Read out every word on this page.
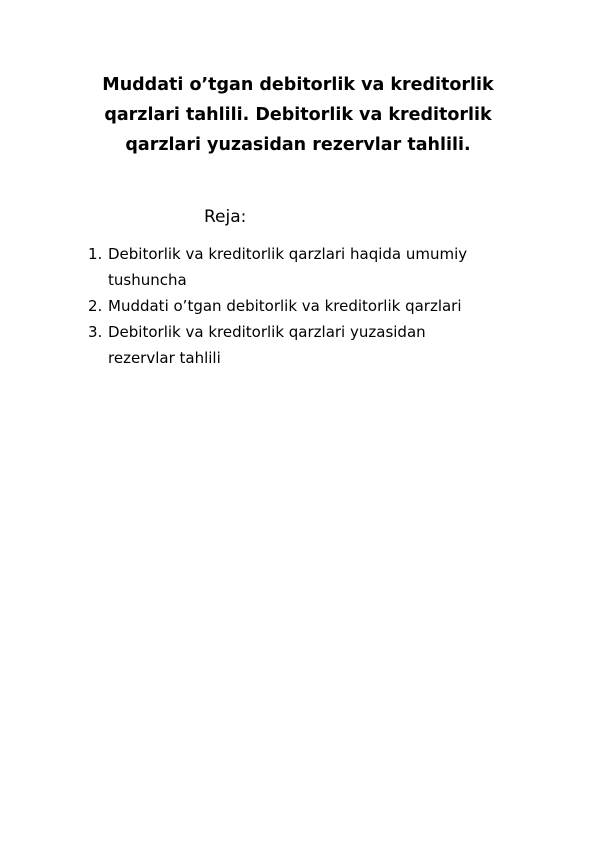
Muddati o’tgan debitorlik va kreditorlik
qarzlari tahlili. Debitorlik va kreditorlik
qarzlari yuzasidan rezervlar tahlili.

Reja:

1. Debitorlik va kreditorlik qarzlari haqida umumiy
tushuncha
2. Muddati o’tgan debitorlik va kreditorlik qarzlari
3. Debitorlik va kreditorlik qarzlari yuzasidan
rezervlar tahlili
